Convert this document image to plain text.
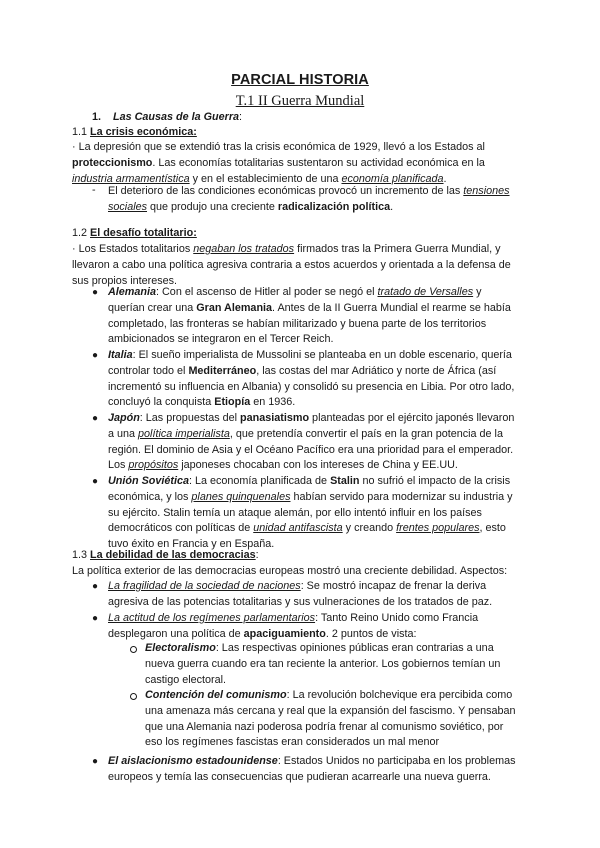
PARCIAL HISTORIA
T.1 II Guerra Mundial
1. Las Causas de la Guerra:
1.1 La crisis económica:
· La depresión que se extendió tras la crisis económica de 1929, llevó a los Estados al
proteccionismo. Las economías totalitarias sustentaron su actividad económica en la
industria armamentística y en el establecimiento de una economía planificada.
- El deterioro de las condiciones económicas provocó un incremento de las tensiones
sociales que produjo una creciente radicalización política.
1.2 El desafío totalitario:
· Los Estados totalitarios negaban los tratados firmados tras la Primera Guerra Mundial, y
llevaron a cabo una política agresiva contraria a estos acuerdos y orientada a la defensa de
sus propios intereses.
● Alemania: Con el ascenso de Hitler al poder se negó el tratado de Versalles y
querían crear una Gran Alemania. Antes de la II Guerra Mundial el rearme se había
completado, las fronteras se habían militarizado y buena parte de los territorios
ambicionados se integraron en el Tercer Reich.
● Italia: El sueño imperialista de Mussolini se planteaba en un doble escenario, quería
controlar todo el Mediterráneo, las costas del mar Adriático y norte de África (así
incrementó su influencia en Albania) y consolidó su presencia en Libia. Por otro lado,
concluyó la conquista Etiopía en 1936.
● Japón: Las propuestas del panasiatismo planteadas por el ejército japonés llevaron
a una política imperialista, que pretendía convertir el país en la gran potencia de la
región. El dominio de Asia y el Océano Pacífico era una prioridad para el emperador.
Los propósitos japoneses chocaban con los intereses de China y EE.UU.
● Unión Soviética: La economía planificada de Stalin no sufrió el impacto de la crisis
económica, y los planes quinquenales habían servido para modernizar su industria y
su ejército. Stalin temía un ataque alemán, por ello intentó influir en los países
democráticos con políticas de unidad antifascista y creando frentes populares, esto
tuvo éxito en Francia y en España.
1.3 La debilidad de las democracias:
La política exterior de las democracias europeas mostró una creciente debilidad. Aspectos:
● La fragilidad de la sociedad de naciones: Se mostró incapaz de frenar la deriva
agresiva de las potencias totalitarias y sus vulneraciones de los tratados de paz.
● La actitud de los regímenes parlamentarios: Tanto Reino Unido como Francia
desplegaron una política de apaciguamiento. 2 puntos de vista:
Electoralismo: Las respectivas opiniones públicas eran contrarias a una
nueva guerra cuando era tan reciente la anterior. Los gobiernos temían un
castigo electoral.
Contención del comunismo: La revolución bolchevique era percibida como
una amenaza más cercana y real que la expansión del fascismo. Y pensaban
que una Alemania nazi poderosa podría frenar al comunismo soviético, por
eso los regímenes fascistas eran considerados un mal menor
● El aislacionismo estadounidense: Estados Unidos no participaba en los problemas
europeos y temía las consecuencias que pudieran acarrearle una nueva guerra.
